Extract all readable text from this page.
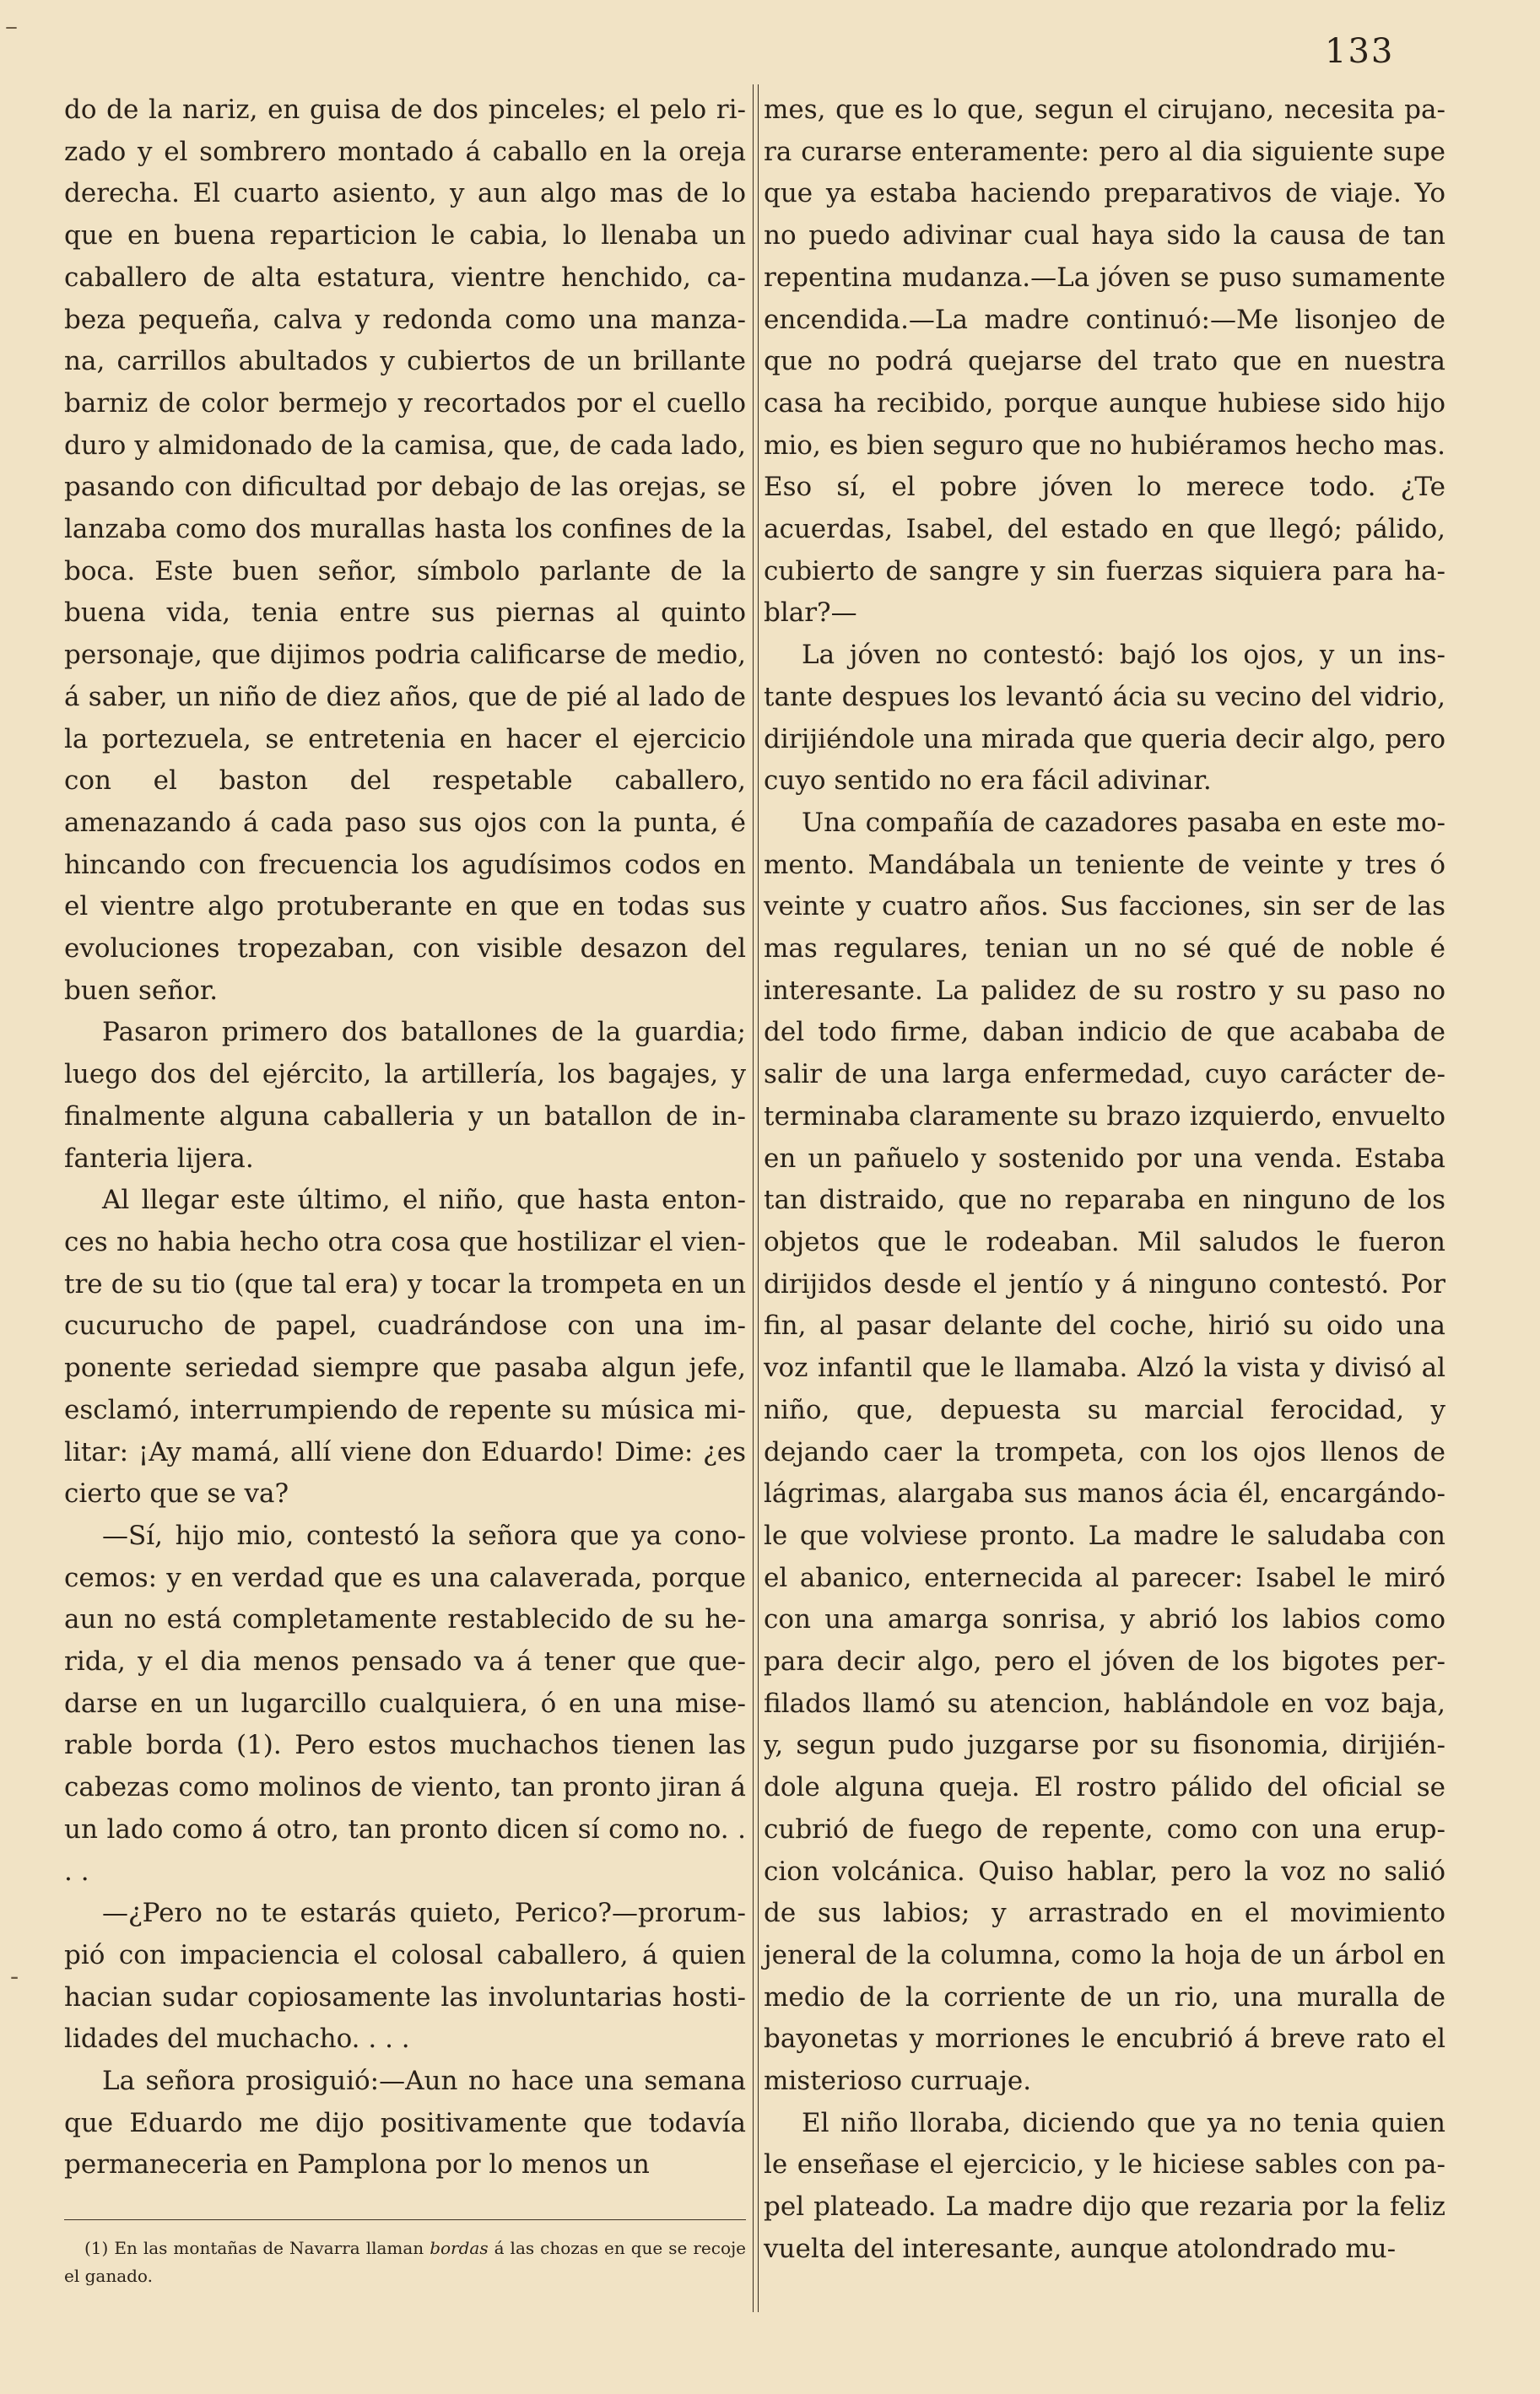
133
–
-

do de la nariz, en guisa de dos pinceles; el pelo rizado y el sombrero montado á caballo en la oreja derecha. El cuarto asiento, y aun algo mas de lo que en buena reparticion le cabia, lo llenaba un caballero de alta estatura, vientre henchido, cabeza pequeña, calva y redonda como una manzana, carrillos abultados y cubiertos de un brillante barniz de color bermejo y recortados por el cuello duro y almidonado de la camisa, que, de cada lado, pasando con dificultad por debajo de las orejas, se lanzaba como dos murallas hasta los confines de la boca. Este buen señor, símbolo parlante de la buena vida, tenia entre sus piernas al quinto personaje, que dijimos podria calificarse de medio, á saber, un niño de diez años, que de pié al lado de la portezuela, se entretenia en hacer el ejercicio con el baston del respetable caballero, amenazando á cada paso sus ojos con la punta, é hincando con frecuencia los agudísimos codos en el vientre algo protuberante en que en todas sus evoluciones tropezaban, con visible desazon del buen señor.

Pasaron primero dos batallones de la guardia; luego dos del ejército, la artillería, los bagajes, y finalmente alguna caballeria y un batallon de infanteria lijera.

Al llegar este último, el niño, que hasta entonces no habia hecho otra cosa que hostilizar el vientre de su tio (que tal era) y tocar la trompeta en un cucurucho de papel, cuadrándose con una imponente seriedad siempre que pasaba algun jefe, esclamó, interrumpiendo de repente su música militar: ¡Ay mamá, allí viene don Eduardo! Dime: ¿es cierto que se va?

—Sí, hijo mio, contestó la señora que ya conocemos: y en verdad que es una calaverada, porque aun no está completamente restablecido de su herida, y el dia menos pensado va á tener que quedarse en un lugarcillo cualquiera, ó en una miserable borda (1). Pero estos muchachos tienen las cabezas como molinos de viento, tan pronto jiran á un lado como á otro, tan pronto dicen sí como no. . . .

—¿Pero no te estarás quieto, Perico?—prorumpió con impaciencia el colosal caballero, á quien hacian sudar copiosamente las involuntarias hostilidades del muchacho. . . .

La señora prosiguió:—Aun no hace una semana que Eduardo me dijo positivamente que todavía permaneceria en Pamplona por lo menos un

mes, que es lo que, segun el cirujano, necesita para curarse enteramente: pero al dia siguiente supe que ya estaba haciendo preparativos de viaje. Yo no puedo adivinar cual haya sido la causa de tan repentina mudanza.—La jóven se puso sumamente encendida.—La madre continuó:—Me lisonjeo de que no podrá quejarse del trato que en nuestra casa ha recibido, porque aunque hubiese sido hijo mio, es bien seguro que no hubiéramos hecho mas. Eso sí, el pobre jóven lo merece todo. ¿Te acuerdas, Isabel, del estado en que llegó; pálido, cubierto de sangre y sin fuerzas siquiera para hablar?—

La jóven no contestó: bajó los ojos, y un instante despues los levantó ácia su vecino del vidrio, dirijiéndole una mirada que queria decir algo, pero cuyo sentido no era fácil adivinar.

Una compañía de cazadores pasaba en este momento. Mandábala un teniente de veinte y tres ó veinte y cuatro años. Sus facciones, sin ser de las mas regulares, tenian un no sé qué de noble é interesante. La palidez de su rostro y su paso no del todo firme, daban indicio de que acababa de salir de una larga enfermedad, cuyo carácter determinaba claramente su brazo izquierdo, envuelto en un pañuelo y sostenido por una venda. Estaba tan distraido, que no reparaba en ninguno de los objetos que le rodeaban. Mil saludos le fueron dirijidos desde el jentío y á ninguno contestó. Por fin, al pasar delante del coche, hirió su oido una voz infantil que le llamaba. Alzó la vista y divisó al niño, que, depuesta su marcial ferocidad, y dejando caer la trompeta, con los ojos llenos de lágrimas, alargaba sus manos ácia él, encargándole que volviese pronto. La madre le saludaba con el abanico, enternecida al parecer: Isabel le miró con una amarga sonrisa, y abrió los labios como para decir algo, pero el jóven de los bigotes perfilados llamó su atencion, hablándole en voz baja, y, segun pudo juzgarse por su fisonomia, dirijiéndole alguna queja. El rostro pálido del oficial se cubrió de fuego de repente, como con una erupcion volcánica. Quiso hablar, pero la voz no salió de sus labios; y arrastrado en el movimiento jeneral de la columna, como la hoja de un árbol en medio de la corriente de un rio, una muralla de bayonetas y morriones le encubrió á breve rato el misterioso curruaje.

El niño lloraba, diciendo que ya no tenia quien le enseñase el ejercicio, y le hiciese sables con papel plateado. La madre dijo que rezaria por la feliz vuelta del interesante, aunque atolondrado mu-

(1) En las montañas de Navarra llaman bordas á las chozas en que se recoje el ganado.
